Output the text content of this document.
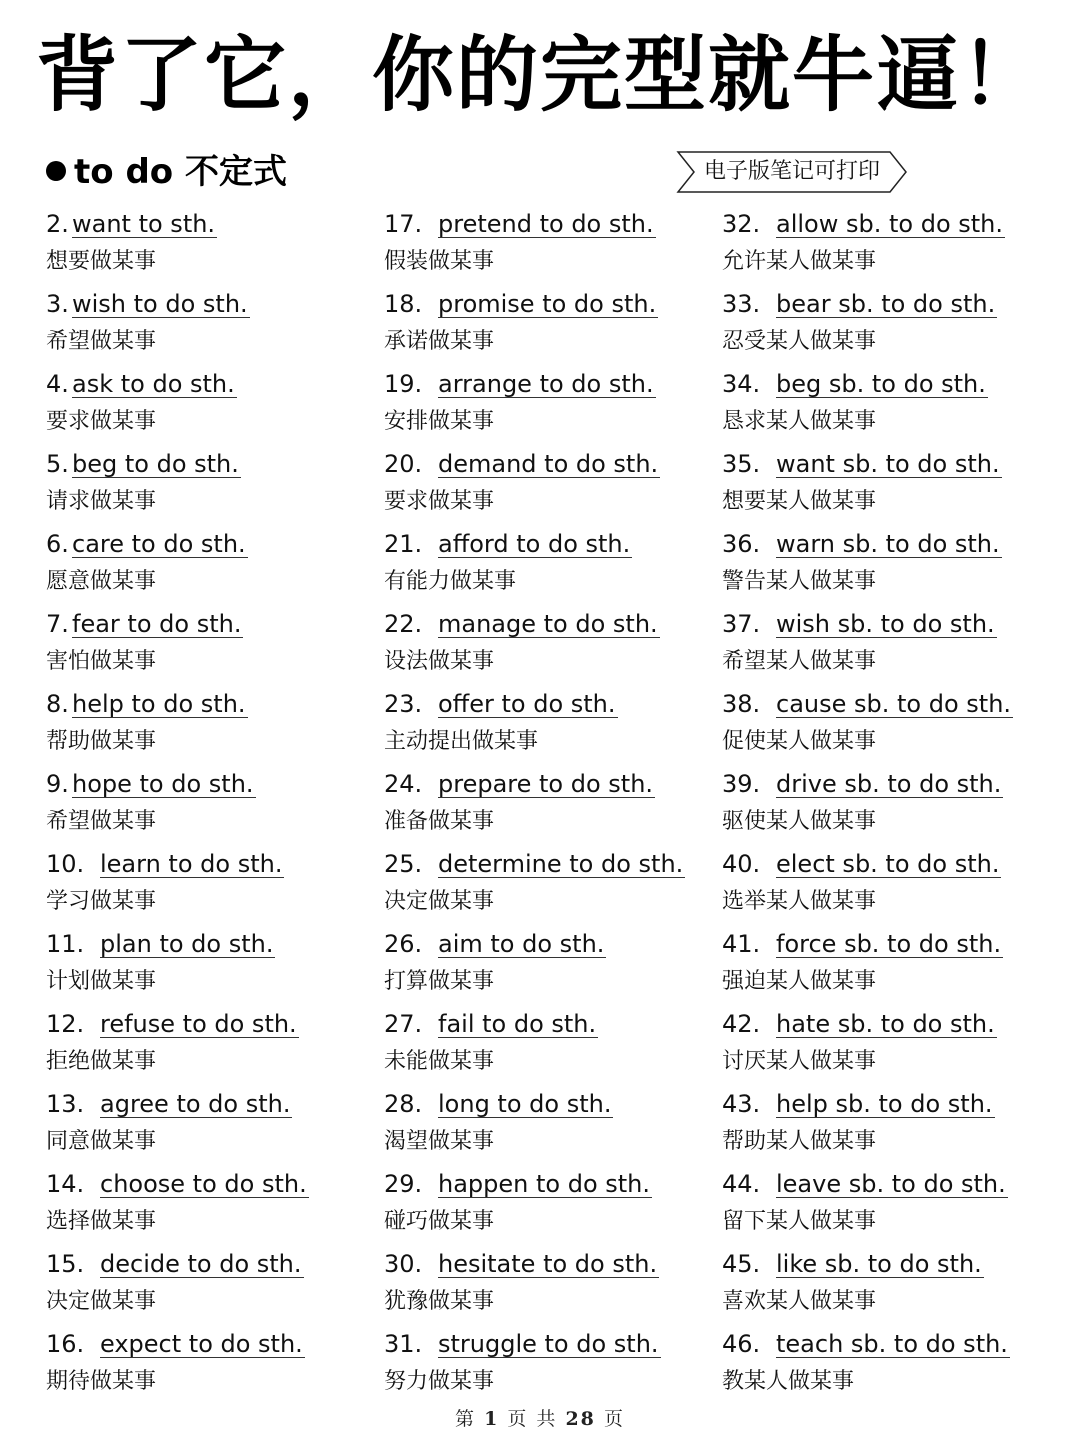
背了它，你的完型就牛逼！
to do 不定式	电子版笔记可打印
2. want to sth.
想要做某事
3. wish to do sth.
希望做某事
4. ask to do sth.
要求做某事
5. beg to do sth.
请求做某事
6. care to do sth.
愿意做某事
7. fear to do sth.
害怕做某事
8. help to do sth.
帮助做某事
9. hope to do sth.
希望做某事
10. learn to do sth.
学习做某事
11. plan to do sth.
计划做某事
12. refuse to do sth.
拒绝做某事
13. agree to do sth.
同意做某事
14. choose to do sth.
选择做某事
15. decide to do sth.
决定做某事
16. expect to do sth.
期待做某事
17. pretend to do sth.
假装做某事
18. promise to do sth.
承诺做某事
19. arrange to do sth.
安排做某事
20. demand to do sth.
要求做某事
21. afford to do sth.
有能力做某事
22. manage to do sth.
设法做某事
23. offer to do sth.
主动提出做某事
24. prepare to do sth.
准备做某事
25. determine to do sth.
决定做某事
26. aim to do sth.
打算做某事
27. fail to do sth.
未能做某事
28. long to do sth.
渴望做某事
29. happen to do sth.
碰巧做某事
30. hesitate to do sth.
犹豫做某事
31. struggle to do sth.
努力做某事
32. allow sb. to do sth.
允许某人做某事
33. bear sb. to do sth.
忍受某人做某事
34. beg sb. to do sth.
恳求某人做某事
35. want sb. to do sth.
想要某人做某事
36. warn sb. to do sth.
警告某人做某事
37. wish sb. to do sth.
希望某人做某事
38. cause sb. to do sth.
促使某人做某事
39. drive sb. to do sth.
驱使某人做某事
40. elect sb. to do sth.
选举某人做某事
41. force sb. to do sth.
强迫某人做某事
42. hate sb. to do sth.
讨厌某人做某事
43. help sb. to do sth.
帮助某人做某事
44. leave sb. to do sth.
留下某人做某事
45. like sb. to do sth.
喜欢某人做某事
46. teach sb. to do sth.
教某人做某事
第 1 页 共 28 页
